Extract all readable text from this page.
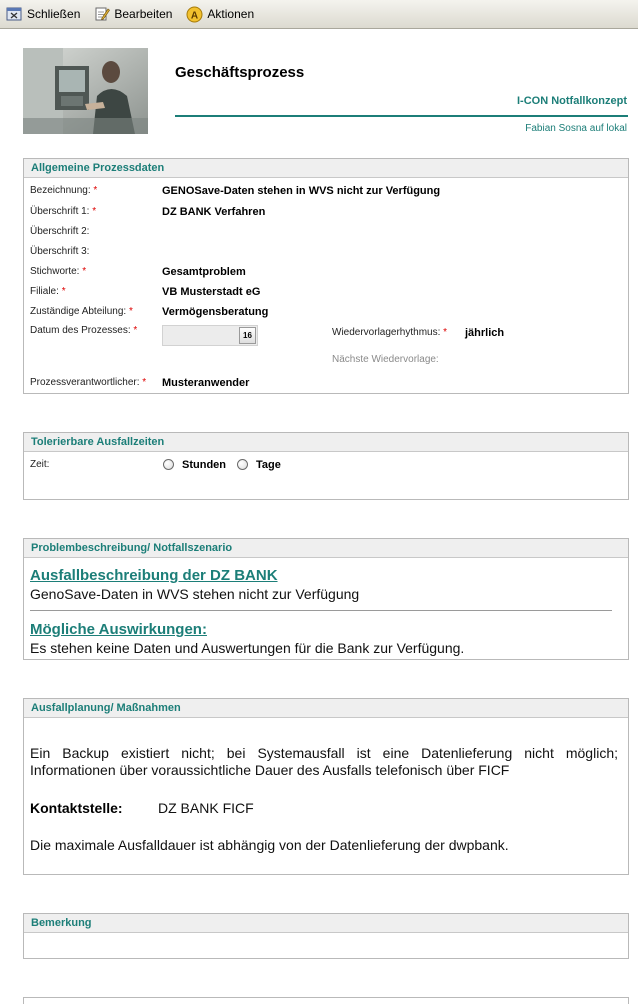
Schließen	Bearbeiten A Aktionen
Geschäftsprozess
I-CON Notfallkonzept
Fabian Sosna auf lokal
Allgemeine Prozessdaten
Bezeichnung: *	GENOSave-Daten stehen in WVS nicht zur Verfügung
Überschrift 1: *	DZ BANK Verfahren
Überschrift 2:
Überschrift 3:
Stichworte: *	Gesamtproblem
Filiale: *	VB Musterstadt eG
Zuständige Abteilung: *	Vermögensberatung
Datum des Prozesses: *	16	Wiedervorlagerhythmus: * jährlich
Nächste Wiedervorlage:
Prozessverantwortlicher: * Musteranwender
Tolerierbare Ausfallzeiten
Zeit:	Stunden	Tage
Problembeschreibung/ Notfallszenario
Ausfallbeschreibung der DZ BANK
GenoSave-Daten in WVS stehen nicht zur Verfügung
Mögliche Auswirkungen:
Es stehen keine Daten und Auswertungen für die Bank zur Verfügung.
Ausfallplanung/ Maßnahmen
Ein Backup existiert nicht; bei Systemausfall ist eine Datenlieferung nicht möglich; Informationen über voraussichtliche Dauer des Ausfalls telefonisch über FICF
Kontaktstelle:	DZ BANK FICF
Die maximale Ausfalldauer ist abhängig von der Datenlieferung der dwpbank.
Bemerkung
